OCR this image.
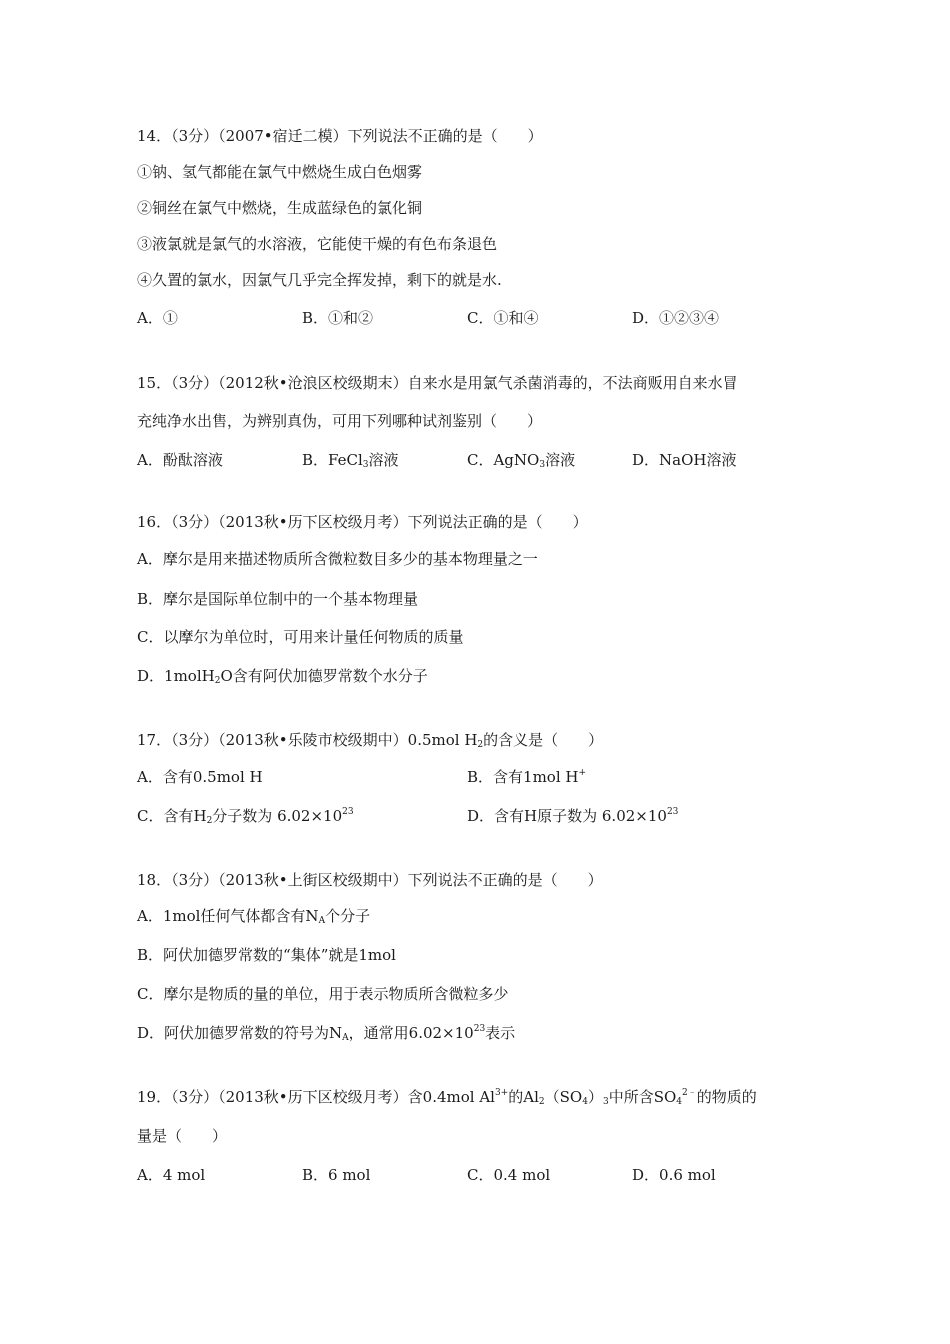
14．（3分）（2007•宿迁二模）下列说法不正确的是（　　）
①钠、氢气都能在氯气中燃烧生成白色烟雾
②铜丝在氯气中燃烧，生成蓝绿色的氯化铜
③液氯就是氯气的水溶液，它能使干燥的有色布条退色
④久置的氯水，因氯气几乎完全挥发掉，剩下的就是水.
A．①	B．①和②	C．①和④	D．①②③④
15．（3分）（2012秋•沧浪区校级期末）自来水是用氯气杀菌消毒的，不法商贩用自来水冒
充纯净水出售，为辨别真伪，可用下列哪种试剂鉴别（　　）
A．酚酞溶液	B．FeCl$_3$溶液	C．AgNO$_3$溶液	D．NaOH溶液
16．（3分）（2013秋•历下区校级月考）下列说法正确的是（　　）
A．摩尔是用来描述物质所含微粒数目多少的基本物理量之一
B．摩尔是国际单位制中的一个基本物理量
C．以摩尔为单位时，可用来计量任何物质的质量
D．1molH$_2$O含有阿伏加德罗常数个水分子
17．（3分）（2013秋•乐陵市校级期中）0.5mol $H_2$的含义是（　　）
A．含有0.5mol H	B．含有1mol H+
C．含有$H_2$分子数为 $6.02\times 10^{23}$	D．含有H原子数为 $6.02\times 10^{23}$
18．（3分）（2013秋•上街区校级期中）下列说法不正确的是（　　）
A．1mol任何气体都含有$N_A$个分子
B．阿伏加德罗常数的“集体”就是1mol
C．摩尔是物质的量的单位，用于表示物质所含微粒多少
D．阿伏加德罗常数的符号为$N_A$，通常用$6.02\times 10^{23}$表示
19．（3分）（2013秋•历下区校级月考）含0.4mol $Al^{3+}$的$Al_2(SO_4)_3$中所含$SO_4^{2﹣}$的物质的
量是（　　）
A．4 mol	B．6 mol	C．0.4 mol	D．0.6 mol
